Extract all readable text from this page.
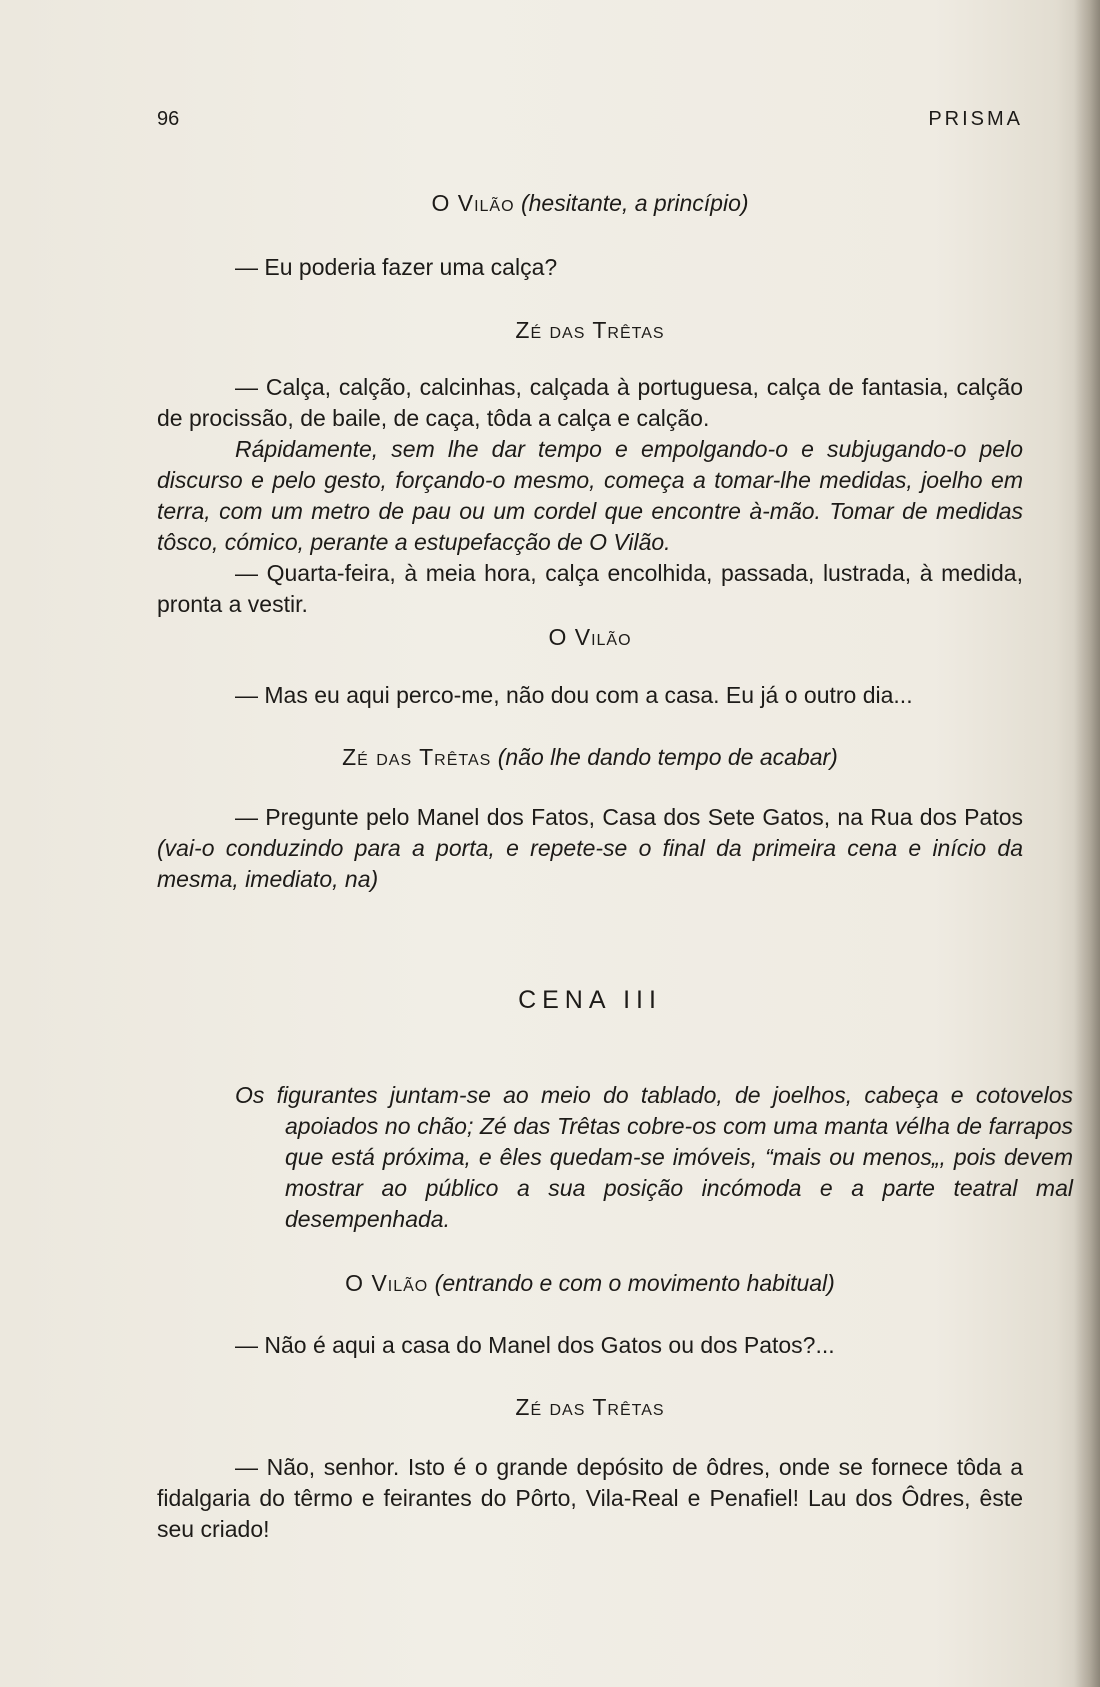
96	PRISMA
O Vilão (hesitante, a princípio)
— Eu poderia fazer uma calça?
Zé das Trêtas
— Calça, calção, calcinhas, calçada à portuguesa, calça de fantasia, calção de procissão, de baile, de caça, tôda a calça e calção.
Rápidamente, sem lhe dar tempo e empolgando-o e subjugando-o pelo discurso e pelo gesto, forçando-o mesmo, começa a tomar-lhe medidas, joelho em terra, com um metro de pau ou um cordel que encontre à-mão. Tomar de medidas tôsco, cómico, perante a estupefacção de O Vilão.
— Quarta-feira, à meia hora, calça encolhida, passada, lustrada, à medida, pronta a vestir.
O Vilão
— Mas eu aqui perco-me, não dou com a casa. Eu já o outro dia...
Zé das Trêtas (não lhe dando tempo de acabar)
— Pregunte pelo Manel dos Fatos, Casa dos Sete Gatos, na Rua dos Patos (vai-o conduzindo para a porta, e repete-se o final da primeira cena e início da mesma, imediato, na)
CENA III
Os figurantes juntam-se ao meio do tablado, de joelhos, cabeça e cotovelos apoiados no chão; Zé das Trêtas cobre-os com uma manta vélha de farrapos que está próxima, e êles quedam-se imóveis, “mais ou menos„, pois devem mostrar ao público a sua posição incómoda e a parte teatral mal desempenhada.
O Vilão (entrando e com o movimento habitual)
— Não é aqui a casa do Manel dos Gatos ou dos Patos?...
Zé das Trêtas
— Não, senhor. Isto é o grande depósito de ôdres, onde se fornece tôda a fidalgaria do têrmo e feirantes do Pôrto, Vila-Real e Penafiel! Lau dos Ôdres, êste seu criado!
